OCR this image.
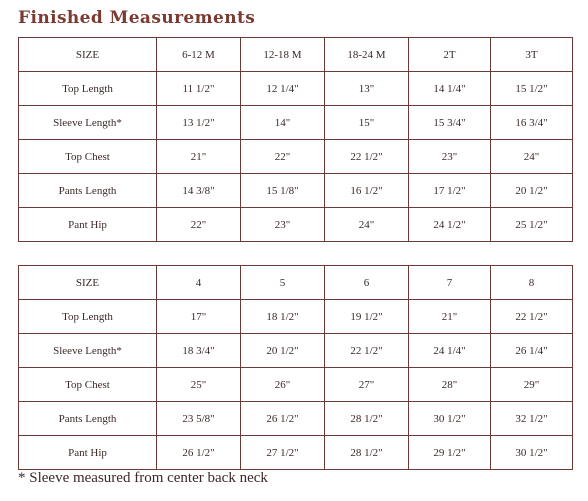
Finished Measurements
SIZE	6-12 M	12-18 M	18-24 M	2T	3T
Top Length	11 1/2"	12 1/4"	13"	14 1/4"	15 1/2"
Sleeve Length*	13 1/2"	14"	15"	15 3/4"	16 3/4"
Top Chest	21"	22"	22 1/2"	23"	24"
Pants Length	14 3/8"	15 1/8"	16 1/2"	17 1/2"	20 1/2"
Pant Hip	22"	23"	24"	24 1/2"	25 1/2"
SIZE	4	5	6	7	8
Top Length	17"	18 1/2"	19 1/2"	21"	22 1/2"
Sleeve Length*	18 3/4"	20 1/2"	22 1/2"	24 1/4"	26 1/4"
Top Chest	25"	26"	27"	28"	29"
Pants Length	23 5/8"	26 1/2"	28 1/2"	30 1/2"	32 1/2"
Pant Hip	26 1/2"	27 1/2"	28 1/2"	29 1/2"	30 1/2"
* Sleeve measured from center back neck
